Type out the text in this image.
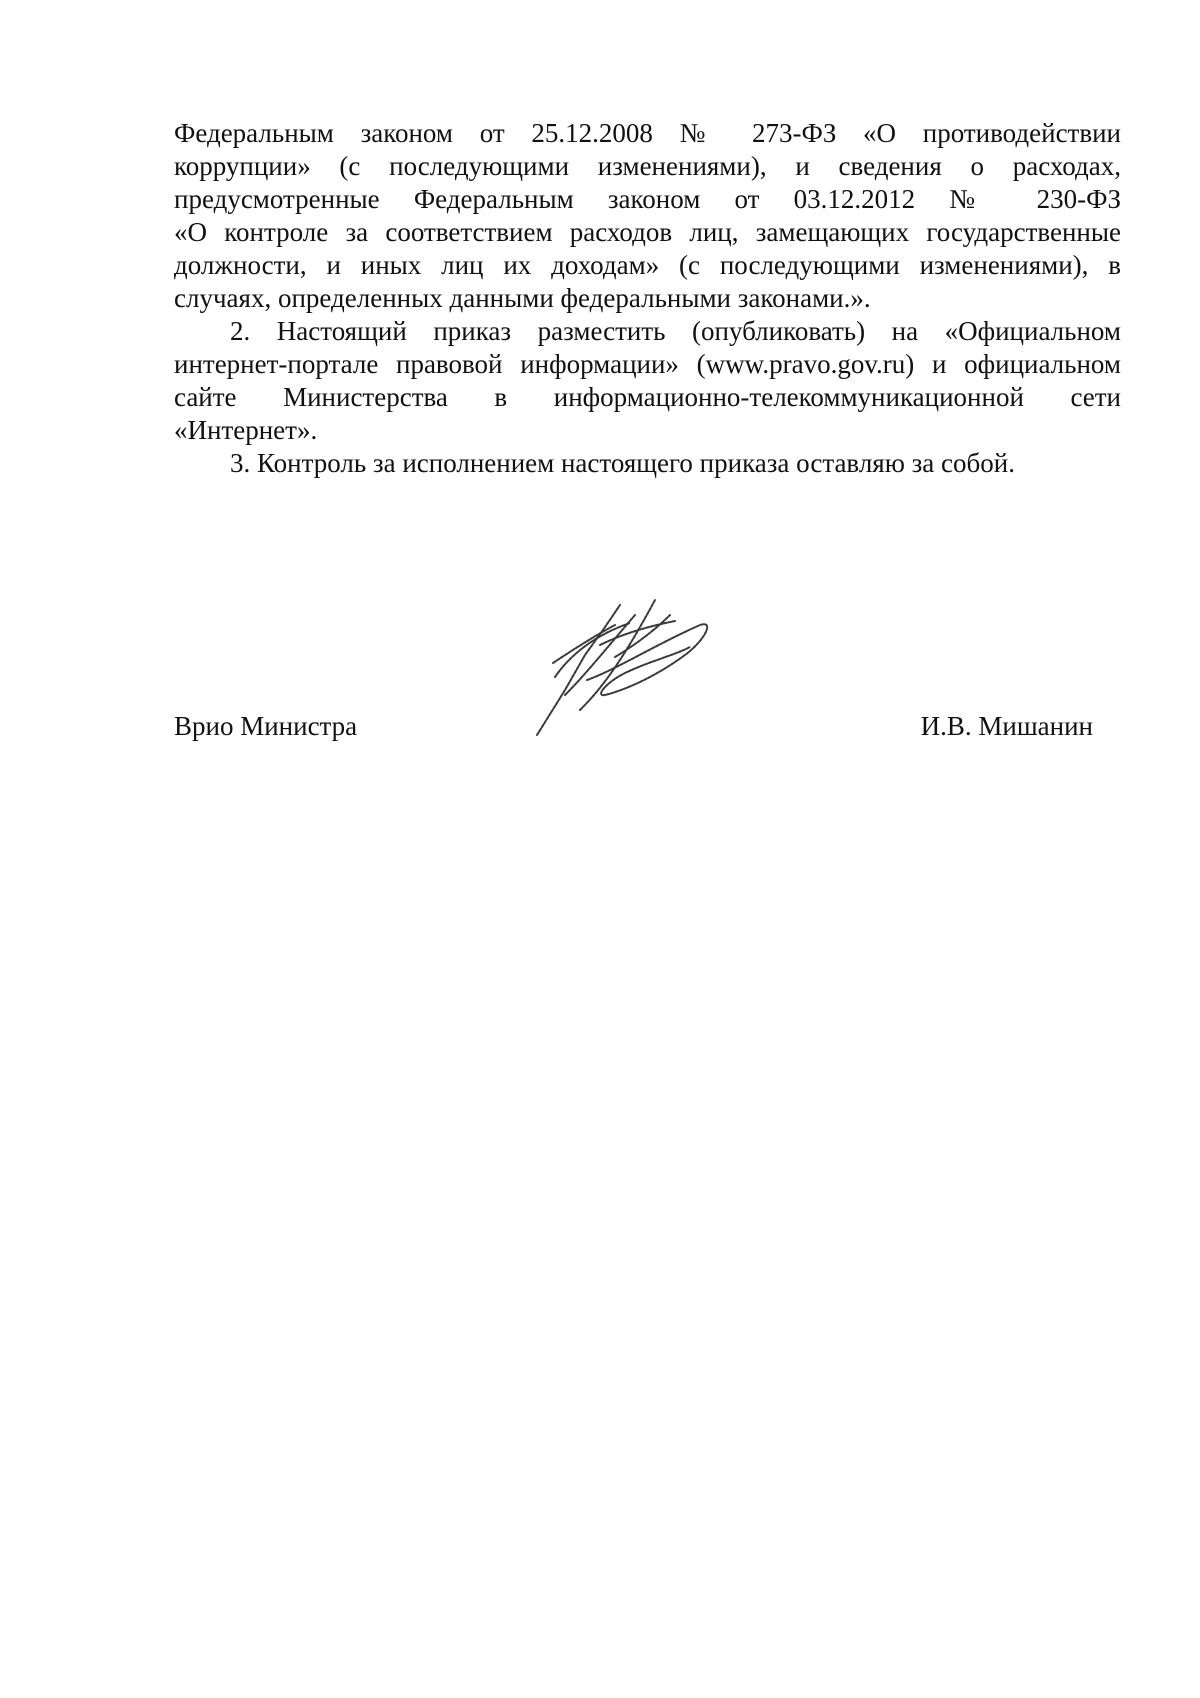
Федеральным законом от 25.12.2008 № 273-ФЗ «О противодействии
коррупции» (с последующими изменениями), и сведения о расходах,
предусмотренные Федеральным законом от 03.12.2012 № 230-ФЗ
«О контроле за соответствием расходов лиц, замещающих государственные
должности, и иных лиц их доходам» (с последующими изменениями), в
случаях, определенных данными федеральными законами.».

2. Настоящий приказ разместить (опубликовать) на «Официальном
интернет-портале правовой информации» (www.pravo.gov.ru) и официальном
сайте Министерства в информационно-телекоммуникационной сети
«Интернет».

3. Контроль за исполнением настоящего приказа оставляю за собой.

Врио Министра	И.В. Мишанин
